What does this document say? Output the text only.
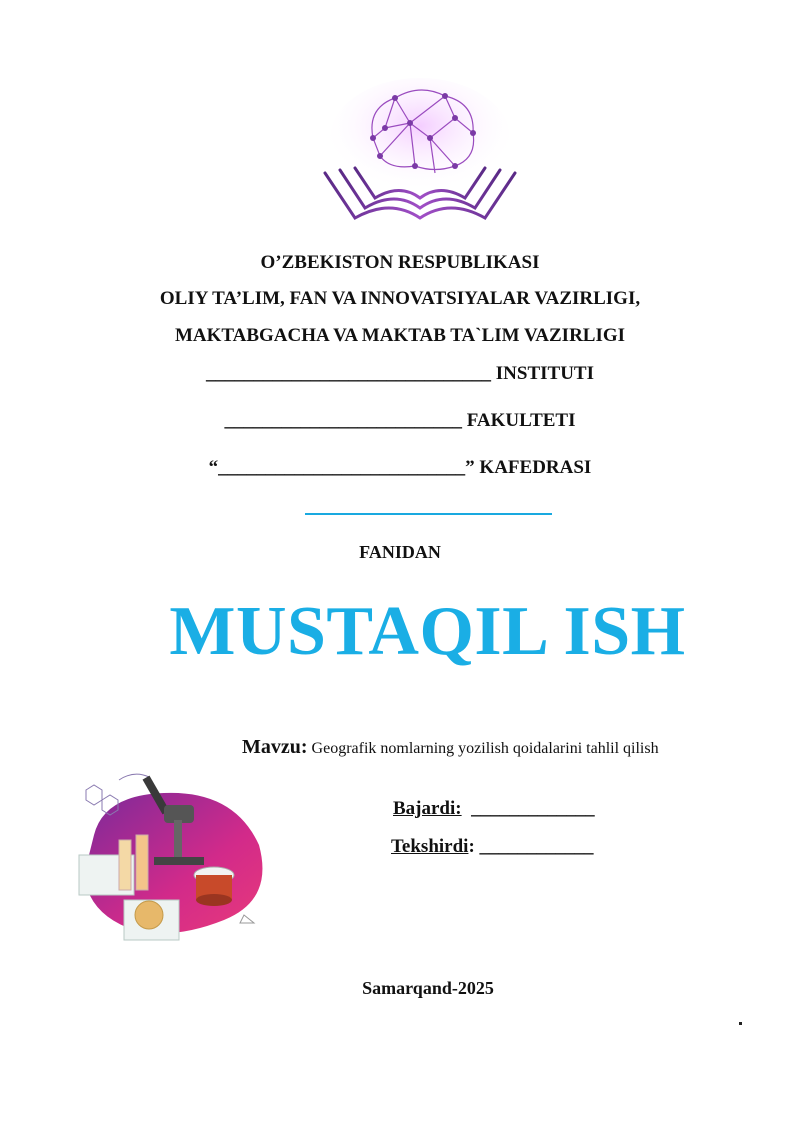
O’ZBEKISTON RESPUBLIKASI
OLIY TA’LIM, FAN VA INNOVATSIYALAR VAZIRLIGI,
MAKTABGACHA VA MAKTAB TA`LIM VAZIRLIGI
______________________________ INSTITUTI
_________________________ FAKULTETI
“__________________________” KAFEDRASI
FANIDAN
MUSTAQIL ISH
Mavzu: Geografik nomlarning yozilish qoidalarini tahlil qilish
Bajardi:  _____________
Tekshirdi: ____________
Samarqand-2025
